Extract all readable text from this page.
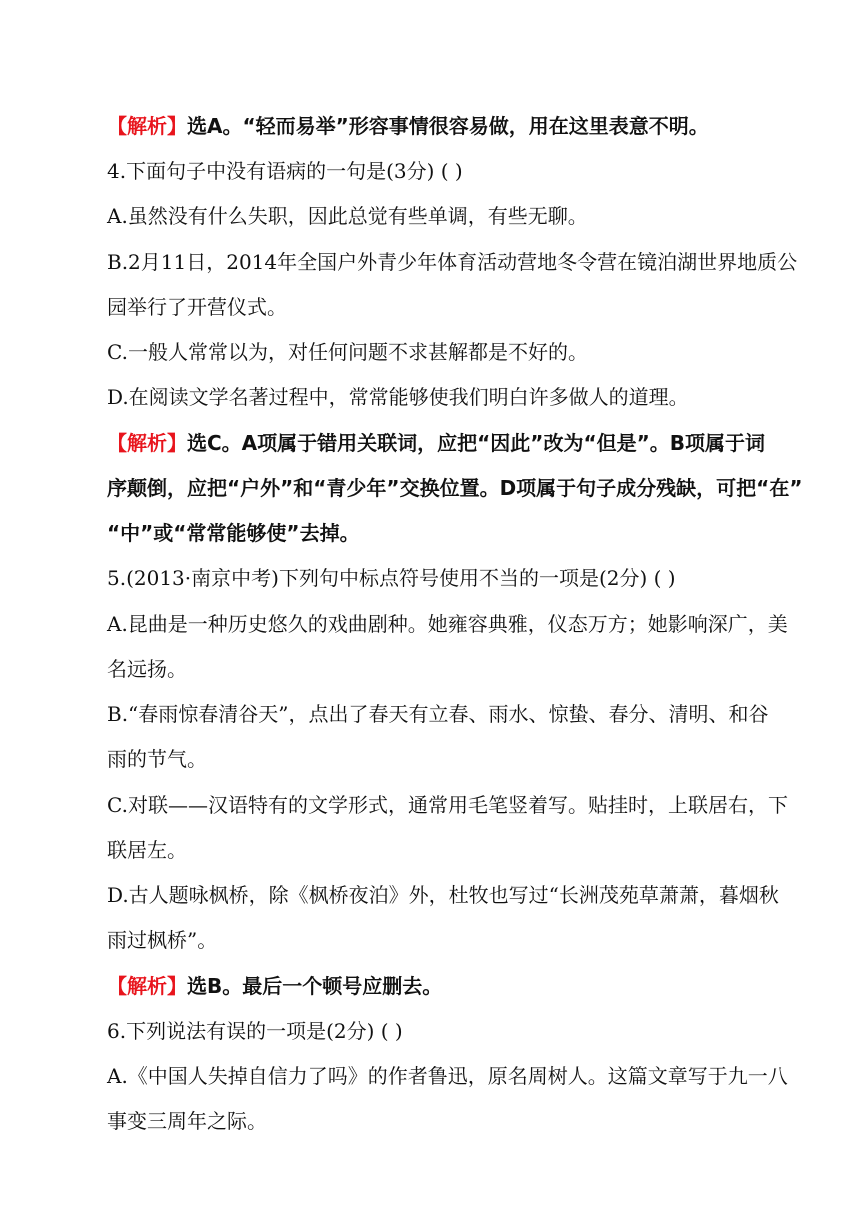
【解析】选A。“轻而易举”形容事情很容易做，用在这里表意不明。
4.下面句子中没有语病的一句是(3分) ( )
A.虽然没有什么失职，因此总觉有些单调，有些无聊。
B.2月11日，2014年全国户外青少年体育活动营地冬令营在镜泊湖世界地质公
园举行了开营仪式。
C.一般人常常以为，对任何问题不求甚解都是不好的。
D.在阅读文学名著过程中，常常能够使我们明白许多做人的道理。
【解析】选C。A项属于错用关联词，应把“因此”改为“但是”。B项属于词
序颠倒，应把“户外”和“青少年”交换位置。D项属于句子成分残缺，可把“在”
“中”或“常常能够使”去掉。
5.(2013·南京中考)下列句中标点符号使用不当的一项是(2分) ( )
A.昆曲是一种历史悠久的戏曲剧种。她雍容典雅，仪态万方；她影响深广，美
名远扬。
B.“春雨惊春清谷天”，点出了春天有立春、雨水、惊蛰、春分、清明、和谷
雨的节气。
C.对联——汉语特有的文学形式，通常用毛笔竖着写。贴挂时，上联居右，下
联居左。
D.古人题咏枫桥，除《枫桥夜泊》外，杜牧也写过“长洲茂苑草萧萧，暮烟秋
雨过枫桥”。
【解析】选B。最后一个顿号应删去。
6.下列说法有误的一项是(2分) ( )
A.《中国人失掉自信力了吗》的作者鲁迅，原名周树人。这篇文章写于九一八
事变三周年之际。
